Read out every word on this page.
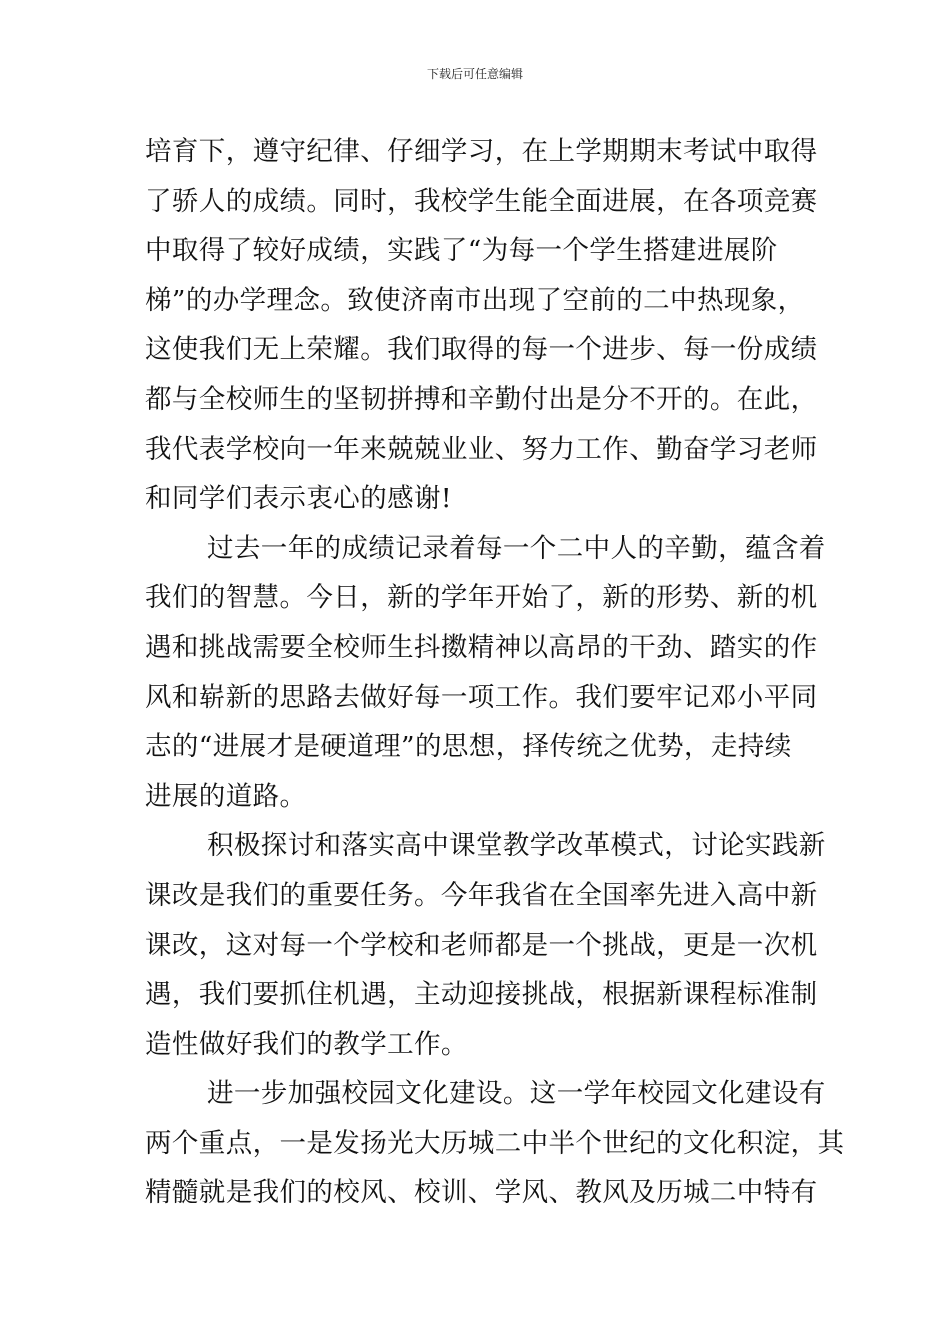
下载后可任意编辑
培育下，遵守纪律、仔细学习，在上学期期末考试中取得
了骄人的成绩。同时，我校学生能全面进展，在各项竞赛
中取得了较好成绩，实践了“为每一个学生搭建进展阶
梯”的办学理念。致使济南市出现了空前的二中热现象，
这使我们无上荣耀。我们取得的每一个进步、每一份成绩
都与全校师生的坚韧拼搏和辛勤付出是分不开的。在此，
我代表学校向一年来兢兢业业、努力工作、勤奋学习老师
和同学们表示衷心的感谢!
过去一年的成绩记录着每一个二中人的辛勤，蕴含着
我们的智慧。今日，新的学年开始了，新的形势、新的机
遇和挑战需要全校师生抖擞精神以高昂的干劲、踏实的作
风和崭新的思路去做好每一项工作。我们要牢记邓小平同
志的“进展才是硬道理”的思想，择传统之优势，走持续
进展的道路。
积极探讨和落实高中课堂教学改革模式，讨论实践新
课改是我们的重要任务。今年我省在全国率先进入高中新
课改，这对每一个学校和老师都是一个挑战，更是一次机
遇，我们要抓住机遇，主动迎接挑战，根据新课程标准制
造性做好我们的教学工作。
进一步加强校园文化建设。这一学年校园文化建设有
两个重点，一是发扬光大历城二中半个世纪的文化积淀，其
精髓就是我们的校风、校训、学风、教风及历城二中特有
